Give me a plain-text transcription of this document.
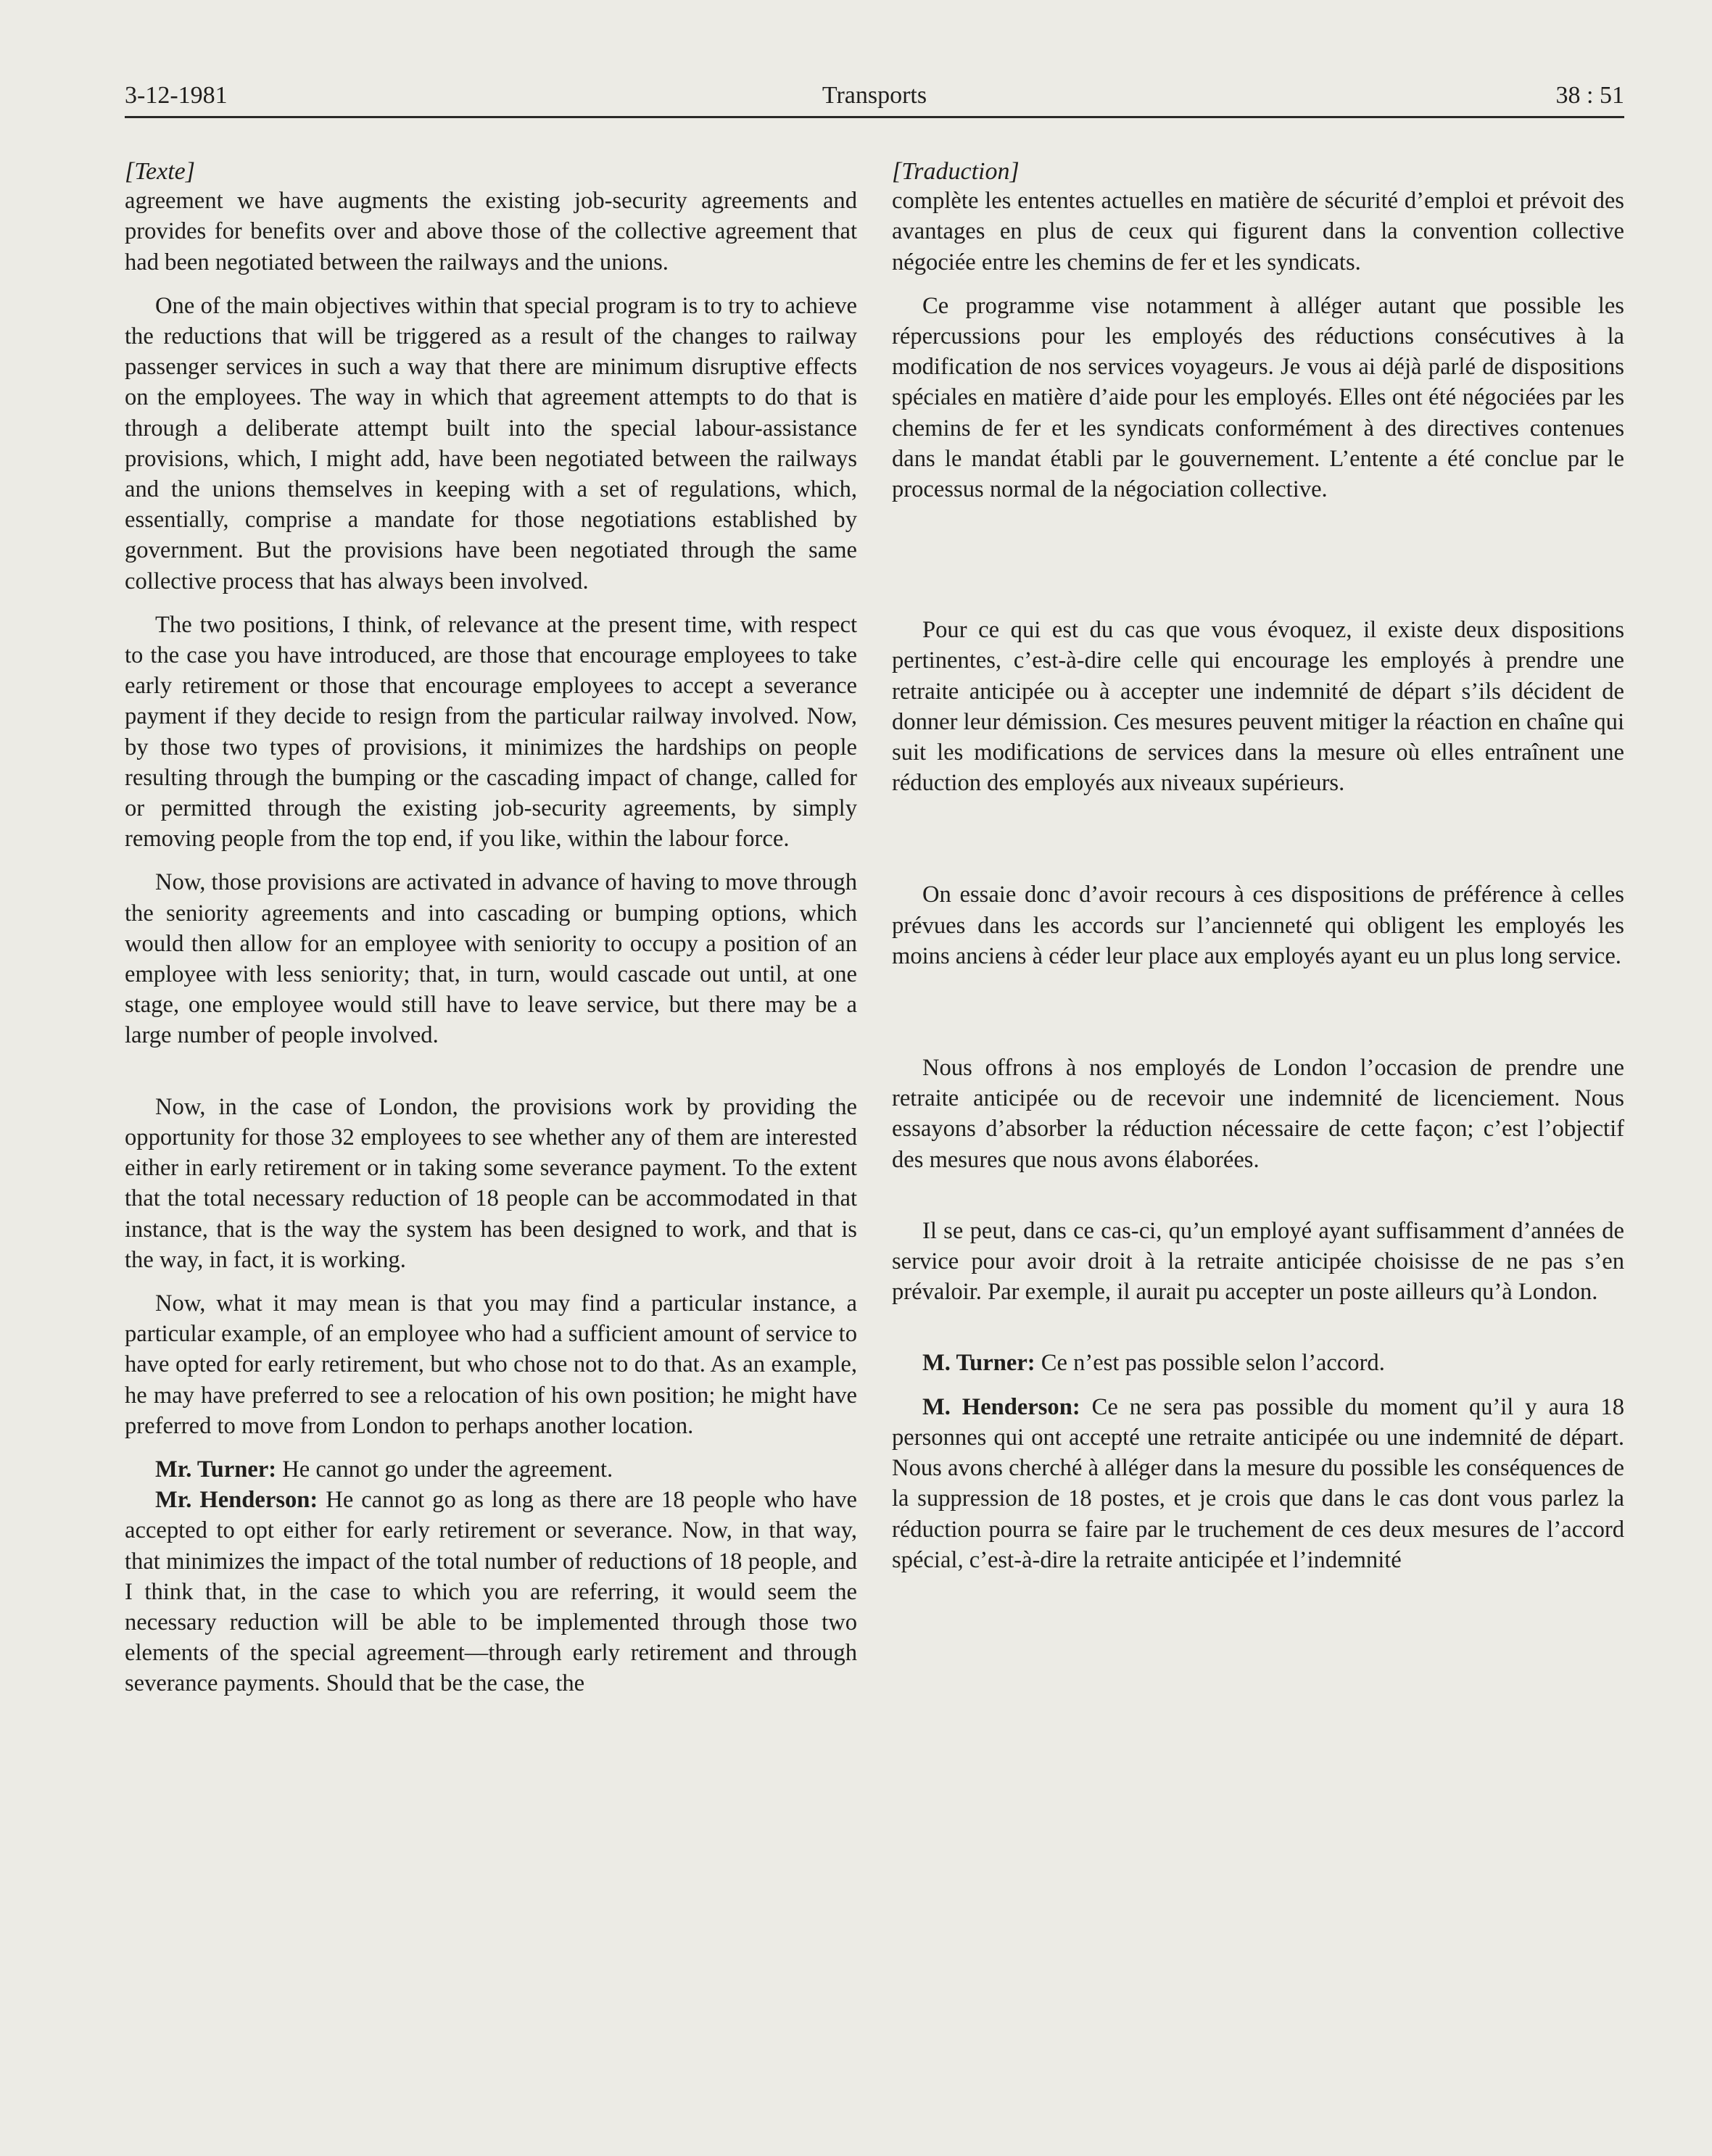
3-12-1981	Transports	38 : 51
[Texte]

agreement we have augments the existing job-security agreements and provides for benefits over and above those of the collective agreement that had been negotiated between the railways and the unions.

One of the main objectives within that special program is to try to achieve the reductions that will be triggered as a result of the changes to railway passenger services in such a way that there are minimum disruptive effects on the employees. The way in which that agreement attempts to do that is through a deliberate attempt built into the special labour-assistance provisions, which, I might add, have been negotiated between the railways and the unions themselves in keeping with a set of regulations, which, essentially, comprise a mandate for those negotiations established by government. But the provisions have been negotiated through the same collective process that has always been involved.

The two positions, I think, of relevance at the present time, with respect to the case you have introduced, are those that encourage employees to take early retirement or those that encourage employees to accept a severance payment if they decide to resign from the particular railway involved. Now, by those two types of provisions, it minimizes the hardships on people resulting through the bumping or the cascading impact of change, called for or permitted through the existing job-security agreements, by simply removing people from the top end, if you like, within the labour force.

Now, those provisions are activated in advance of having to move through the seniority agreements and into cascading or bumping options, which would then allow for an employee with seniority to occupy a position of an employee with less seniority; that, in turn, would cascade out until, at one stage, one employee would still have to leave service, but there may be a large number of people involved.

Now, in the case of London, the provisions work by providing the opportunity for those 32 employees to see whether any of them are interested either in early retirement or in taking some severance payment. To the extent that the total necessary reduction of 18 people can be accommodated in that instance, that is the way the system has been designed to work, and that is the way, in fact, it is working.

Now, what it may mean is that you may find a particular instance, a particular example, of an employee who had a sufficient amount of service to have opted for early retirement, but who chose not to do that. As an example, he may have preferred to see a relocation of his own position; he might have preferred to move from London to perhaps another location.

Mr. Turner: He cannot go under the agreement.

Mr. Henderson: He cannot go as long as there are 18 people who have accepted to opt either for early retirement or severance. Now, in that way, that minimizes the impact of the total number of reductions of 18 people, and I think that, in the case to which you are referring, it would seem the necessary reduction will be able to be implemented through those two elements of the special agreement—through early retirement and through severance payments. Should that be the case, the

[Traduction]

complète les ententes actuelles en matière de sécurité d’emploi et prévoit des avantages en plus de ceux qui figurent dans la convention collective négociée entre les chemins de fer et les syndicats.

Ce programme vise notamment à alléger autant que possible les répercussions pour les employés des réductions consécutives à la modification de nos services voyageurs. Je vous ai déjà parlé de dispositions spéciales en matière d’aide pour les employés. Elles ont été négociées par les chemins de fer et les syndicats conformément à des directives contenues dans le mandat établi par le gouvernement. L’entente a été conclue par le processus normal de la négociation collective.

Pour ce qui est du cas que vous évoquez, il existe deux dispositions pertinentes, c’est-à-dire celle qui encourage les employés à prendre une retraite anticipée ou à accepter une indemnité de départ s’ils décident de donner leur démission. Ces mesures peuvent mitiger la réaction en chaîne qui suit les modifications de services dans la mesure où elles entraînent une réduction des employés aux niveaux supérieurs.

On essaie donc d’avoir recours à ces dispositions de préférence à celles prévues dans les accords sur l’ancienneté qui obligent les employés les moins anciens à céder leur place aux employés ayant eu un plus long service.

Nous offrons à nos employés de London l’occasion de prendre une retraite anticipée ou de recevoir une indemnité de licenciement. Nous essayons d’absorber la réduction nécessaire de cette façon; c’est l’objectif des mesures que nous avons élaborées.

Il se peut, dans ce cas-ci, qu’un employé ayant suffisamment d’années de service pour avoir droit à la retraite anticipée choisisse de ne pas s’en prévaloir. Par exemple, il aurait pu accepter un poste ailleurs qu’à London.

M. Turner: Ce n’est pas possible selon l’accord.

M. Henderson: Ce ne sera pas possible du moment qu’il y aura 18 personnes qui ont accepté une retraite anticipée ou une indemnité de départ. Nous avons cherché à alléger dans la mesure du possible les conséquences de la suppression de 18 postes, et je crois que dans le cas dont vous parlez la réduction pourra se faire par le truchement de ces deux mesures de l’accord spécial, c’est-à-dire la retraite anticipée et l’indemnité
